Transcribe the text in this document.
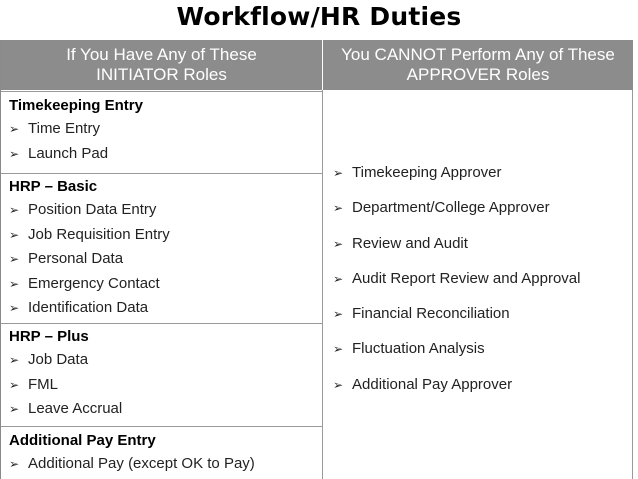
Workflow/HR Duties
If You Have Any of These
INITIATOR Roles
You CANNOT Perform Any of These
APPROVER Roles
Timekeeping Entry
➢ Time Entry
➢ Launch Pad
HRP – Basic
➢ Position Data Entry
➢ Job Requisition Entry
➢ Personal Data
➢ Emergency Contact
➢ Identification Data
HRP – Plus
➢ Job Data
➢ FML
➢ Leave Accrual
Additional Pay Entry
➢ Additional Pay (except OK to Pay)
➢ Timekeeping Approver
➢ Department/College Approver
➢ Review and Audit
➢ Audit Report Review and Approval
➢ Financial Reconciliation
➢ Fluctuation Analysis
➢ Additional Pay Approver
